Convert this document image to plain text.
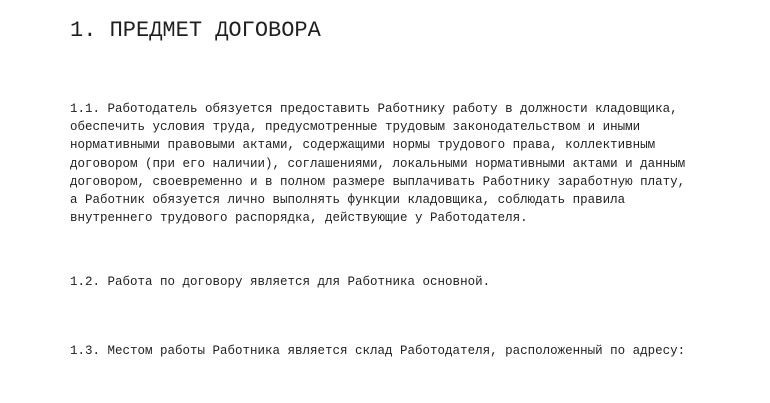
1. ПРЕДМЕТ ДОГОВОРА

1.1. Работодатель обязуется предоставить Работнику работу в должности кладовщика,
обеспечить условия труда, предусмотренные трудовым законодательством и иными
нормативными правовыми актами, содержащими нормы трудового права, коллективным
договором (при его наличии), соглашениями, локальными нормативными актами и данным
договором, своевременно и в полном размере выплачивать Работнику заработную плату,
а Работник обязуется лично выполнять функции кладовщика, соблюдать правила
внутреннего трудового распорядка, действующие у Работодателя.

1.2. Работа по договору является для Работника основной.

1.3. Местом работы Работника является склад Работодателя, расположенный по адресу:
